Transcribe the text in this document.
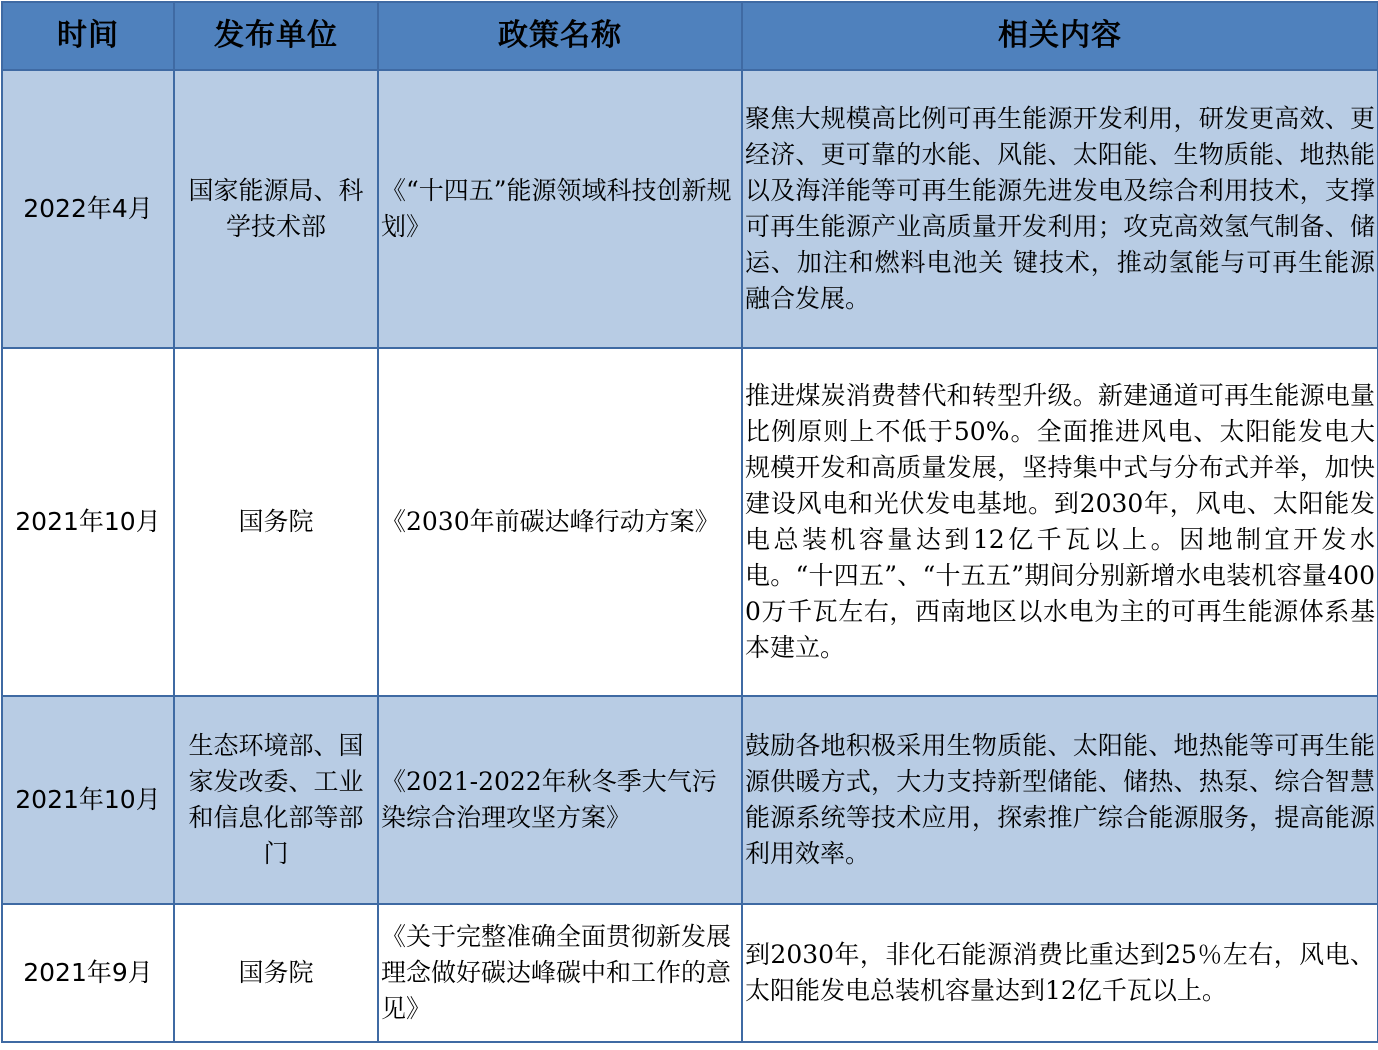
时间	发布单位	政策名称	相关内容
2022年4月	国家能源局、科学技术部	《“十四五”能源领域科技创新规划》	聚焦大规模高比例可再生能源开发利用，研发更高效、更经济、更可靠的水能、风能、太阳能、生物质能、地热能以及海洋能等可再生能源先进发电及综合利用技术，支撑可再生能源产业高质量开发利用；攻克高效氢气制备、储运、加注和燃料电池关 键技术，推动氢能与可再生能源融合发展。
2021年10月	国务院	《2030年前碳达峰行动方案》	推进煤炭消费替代和转型升级。新建通道可再生能源电量比例原则上不低于50%。全面推进风电、太阳能发电大规模开发和高质量发展，坚持集中式与分布式并举，加快建设风电和光伏发电基地。到2030年，风电、太阳能发电总装机容量达到12亿千瓦以上。因地制宜开发水电。“十四五”、“十五五”期间分别新增水电装机容量4000万千瓦左右，西南地区以水电为主的可再生能源体系基本建立。
2021年10月	生态环境部、国家发改委、工业和信息化部等部门	《2021-2022年秋冬季大气污染综合治理攻坚方案》	鼓励各地积极采用生物质能、太阳能、地热能等可再生能源供暖方式，大力支持新型储能、储热、热泵、综合智慧能源系统等技术应用，探索推广综合能源服务，提高能源利用效率。
2021年9月	国务院	《关于完整准确全面贯彻新发展理念做好碳达峰碳中和工作的意见》	到2030年，非化石能源消费比重达到25％左右，风电、太阳能发电总装机容量达到12亿千瓦以上。
